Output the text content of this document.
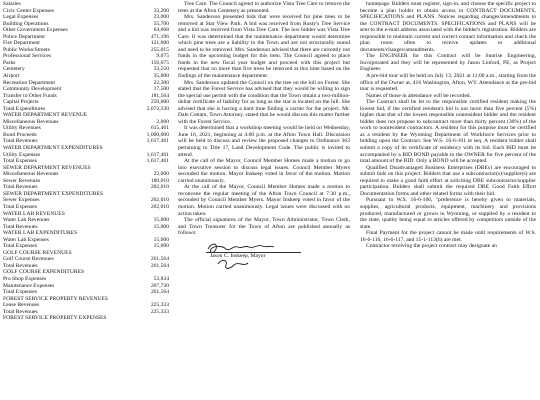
Salaries
Civic Center Expenses	33,200
Legal Expenses	23,000
Building Operations	55,700
Other Government Expenses	64,668
Police Department	471,196
Fire Department	121,000
Public Works/Streets	255,015
Professional Services	9,075
Parks	156,675
Cemetery	33,550
Airport	35,000
Recreation Department	22,300
Community Development	17,500
Transfer to Other Funds	181,564
Capital Projects	250,000
Total Expenditures	2,072,330
WATER DEPARTMENT REVENUE
Miscellaneous Revenues	2,000
Utility Revenues	615,461
Bond Proceeds	1,000,000
Total Revenues	1,617,461
WATER DEPARTMENT EXPENDITURES
Utility Expenses	1,617,461
Total Expenses	1,617,461
SEWER DEPARTMENT REVENUES
Miscellaneous Revenues	22,000
Sewer Revenues	180,010
Total Revenues	202,010
SEWER DEPARTMENT EXPENDITURES
Sewer Expenses	202,010
Total Expenses	202,010
WATER LAB REVENUES
Water Lab Revenues	15,000
Total Revenues	15,000
WATER LAB EXPENDITURES
Water Lab Expenses	15,000
Total Expenses	15,000
GOLF COURSE REVENUES
Golf Course Revenues	261,564
Total Revenues	261,564
GOLF COURSE EXPENDITURES
Pro Shop Expenses	53,834
Maintenance Expenses	207,730
Total Expenses	261,564
FOREST SERVICE PROPERTY REVENUES
Lease Revenues	225,333
Total Revenues	225,333
FOREST SERVICE PROPERTY EXPENSES

Tree Care. The Council agreed to authorize Vista Tree Care to remove the trees at the Afton Cemetery as presented.

Mrs. Sanderson presented bids that were received for pine trees to be removed at Star View Park. A bid was received from Rusty's Tree Service and a bid was received from Vista Tree Care. The low bidder was Vista Tree Care. It was determined that the maintenance department would determine which pine trees are a liability to the Town and are not structurally sound and need to be removed. Mrs. Sanderson advised that there are currently not funds in the upcoming budget for this item. The Council agreed to place funds in the new fiscal year budget and proceed with this project but requested that no more than five trees be removed at this time based on the findings of the maintenance department.

Mrs. Sanderson updated the Council on the tree on the hill on Forest. She stated that the Forest Service has advised that they would be willing to sign the special use permit with the condition that the Town obtain a two-million-dollar certificate of liability for as long as the star is located on the hill. She advised that she is having a hard time finding a carrier for the project. Mr. Dale Cottam, Town Attorney, stated that he would discuss this matter further with the Forest Service.

It was determined that a workshop meeting would be held on Wednesday, June 16, 2021, beginning at 4:00 p.m. at the Afton Town Hall. Discussion will be held to discuss and review the proposed changes to Ordinance 363 pertaining to Title 17, Land Development Code. The public is invited to attend.

At the call of the Mayor, Council Member Homes made a motion to go into executive session to discuss legal issues. Council Member Myers seconded the motion. Mayor Inskeep voted in favor of the motion. Motion carried unanimously.

At the call of the Mayor, Council Member Homes made a motion to reconvene the regular meeting of the Afton Town Council at 7:30 p.m., seconded by Council Member Myers. Mayor Inskeep voted in favor of the motion. Motion carried unanimously. Legal issues were discussed with no action taken.

The official signatures of the Mayor, Town Administrator, Town Clerk, and Town Treasurer for the Town of Afton are published annually as follows:

Jason C. Inskeep, Mayor

homepage. Bidders must register, sign-in, and choose the specific project to become a plan holder to obtain access to CONTRACT DOCUMENTS, SPECIFICATIONS and PLANS. Notices regarding changes/amendments to the CONTRACT DOCUMENTS, SPECIFICATIONS and PLANS will be sent to the e-mail address associated with the bidder's registration. Bidders are responsible to maintain current and correct contact information and check the plan room often to receive updates or additional documents/changes/amendments.

The ENGINEER for this Contract will be Sunrise Engineering, Incorporated and they will be represented by Jason Linford, PE, as Project Engineer.

A pre-bid tour will be held on July 13, 2021 at 11:00 a.m., starting from the office of the Owner at, 416 Washington, Afton, WY. Attendance at the pre-bid tour is requested.

Names of those in attendance will be recorded.

The Contract shall be let to the responsible certified resident making the lowest bid, if the certified resident's bid is not more than five percent (5%) higher than that of the lowest responsible nonresident bidder and the resident bidder does not propose to subcontract more than thirty percent (30%) of the work to nonresident contractors. A resident for this purpose must be certified as a resident by the Wyoming Department of Workforce Services prior to bidding upon the Contract. See W.S. 16-6-101 et seq. A resident bidder shall submit a copy of its certificate of residency with its bid. Each BID must be accompanied by a BID BOND payable to the OWNER for five percent of the total amount of the BID. Only a BOND will be accepted.

Qualified Disadvantaged Business Enterprises (DBEs) are encouraged to submit bids on this project. Bidders that use a subcontractor(s)/supplier(s) are required to make a good faith effort at soliciting DBE subcontractor/supplier participation. Bidders shall submit the required DBE Good Faith Effort Documentation forms and other related forms with their bid.

Pursuant to W.S. 16-6-106, "preference is hereby given to materials, supplies, agricultural products, equipment, machinery and provisions produced, manufactured or grown in Wyoming, or supplied by a resident to the state, quality being equal to articles offered by competitors outside of the state.

Final Payment for the project cannot be made until requirements of W.S. 16-6-116, 16-6-117, and 15-1-113(h) are met.

Contractor receiving the project contract may designate an
